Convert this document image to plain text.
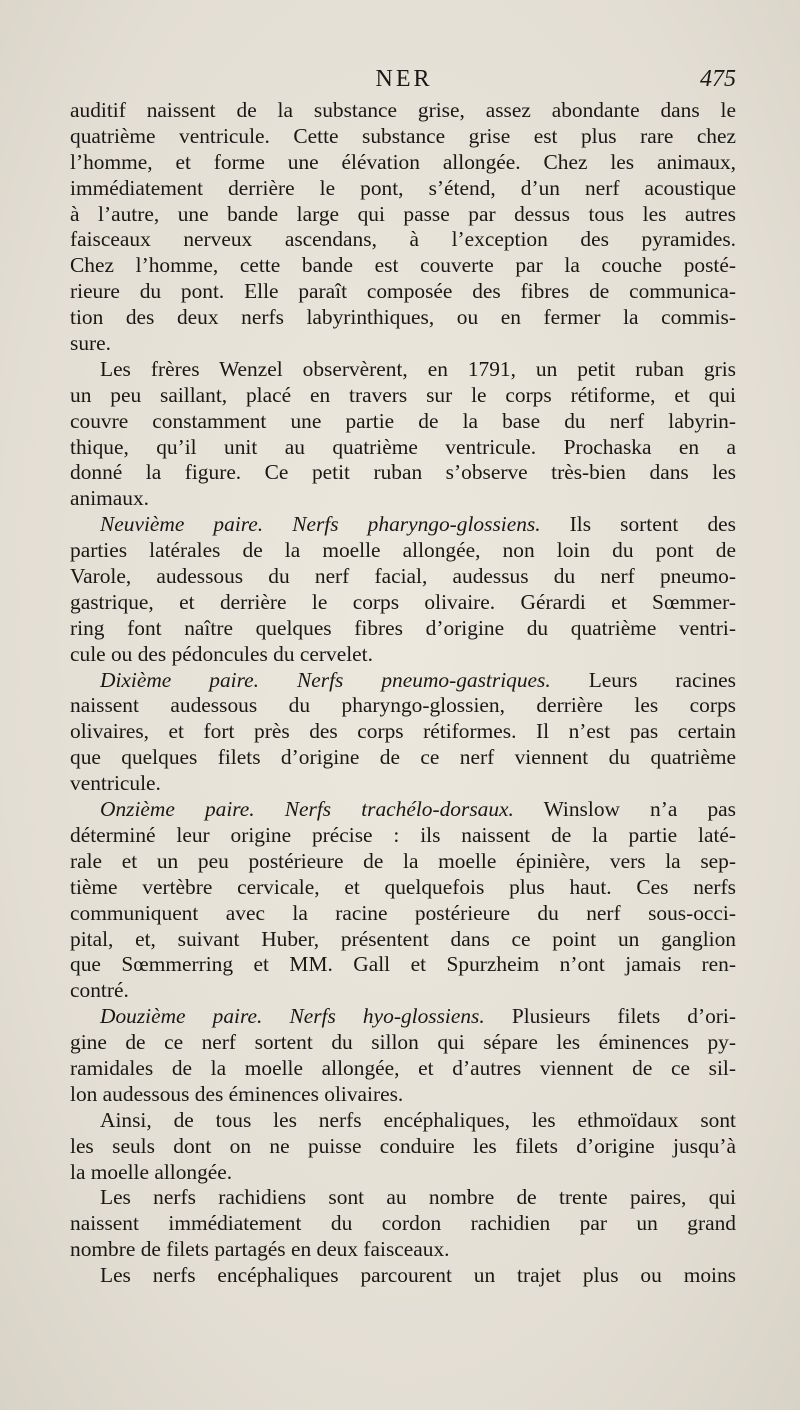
NER	475
auditif naissent de la substance grise, assez abondante dans le
quatrième ventricule. Cette substance grise est plus rare chez
l’homme, et forme une élévation allongée. Chez les animaux,
immédiatement derrière le pont, s’étend, d’un nerf acoustique
à l’autre, une bande large qui passe par dessus tous les autres
faisceaux nerveux ascendans, à l’exception des pyramides.
Chez l’homme, cette bande est couverte par la couche posté-
rieure du pont. Elle paraît composée des fibres de communica-
tion des deux nerfs labyrinthiques, ou en fermer la commis-
sure.
Les frères Wenzel observèrent, en 1791, un petit ruban gris
un peu saillant, placé en travers sur le corps rétiforme, et qui
couvre constamment une partie de la base du nerf labyrin-
thique, qu’il unit au quatrième ventricule. Prochaska en a
donné la figure. Ce petit ruban s’observe très-bien dans les
animaux.
Neuvième paire. Nerfs pharyngo-glossiens. Ils sortent des
parties latérales de la moelle allongée, non loin du pont de
Varole, audessous du nerf facial, audessus du nerf pneumo-
gastrique, et derrière le corps olivaire. Gérardi et Sœmmer-
ring font naître quelques fibres d’origine du quatrième ventri-
cule ou des pédoncules du cervelet.
Dixième paire. Nerfs pneumo-gastriques. Leurs racines
naissent audessous du pharyngo-glossien, derrière les corps
olivaires, et fort près des corps rétiformes. Il n’est pas certain
que quelques filets d’origine de ce nerf viennent du quatrième
ventricule.
Onzième paire. Nerfs trachélo-dorsaux. Winslow n’a pas
déterminé leur origine précise : ils naissent de la partie laté-
rale et un peu postérieure de la moelle épinière, vers la sep-
tième vertèbre cervicale, et quelquefois plus haut. Ces nerfs
communiquent avec la racine postérieure du nerf sous-occi-
pital, et, suivant Huber, présentent dans ce point un ganglion
que Sœmmerring et MM. Gall et Spurzheim n’ont jamais ren-
contré.
Douzième paire. Nerfs hyo-glossiens. Plusieurs filets d’ori-
gine de ce nerf sortent du sillon qui sépare les éminences py-
ramidales de la moelle allongée, et d’autres viennent de ce sil-
lon audessous des éminences olivaires.
Ainsi, de tous les nerfs encéphaliques, les ethmoïdaux sont
les seuls dont on ne puisse conduire les filets d’origine jusqu’à
la moelle allongée.
Les nerfs rachidiens sont au nombre de trente paires, qui
naissent immédiatement du cordon rachidien par un grand
nombre de filets partagés en deux faisceaux.
Les nerfs encéphaliques parcourent un trajet plus ou moins
